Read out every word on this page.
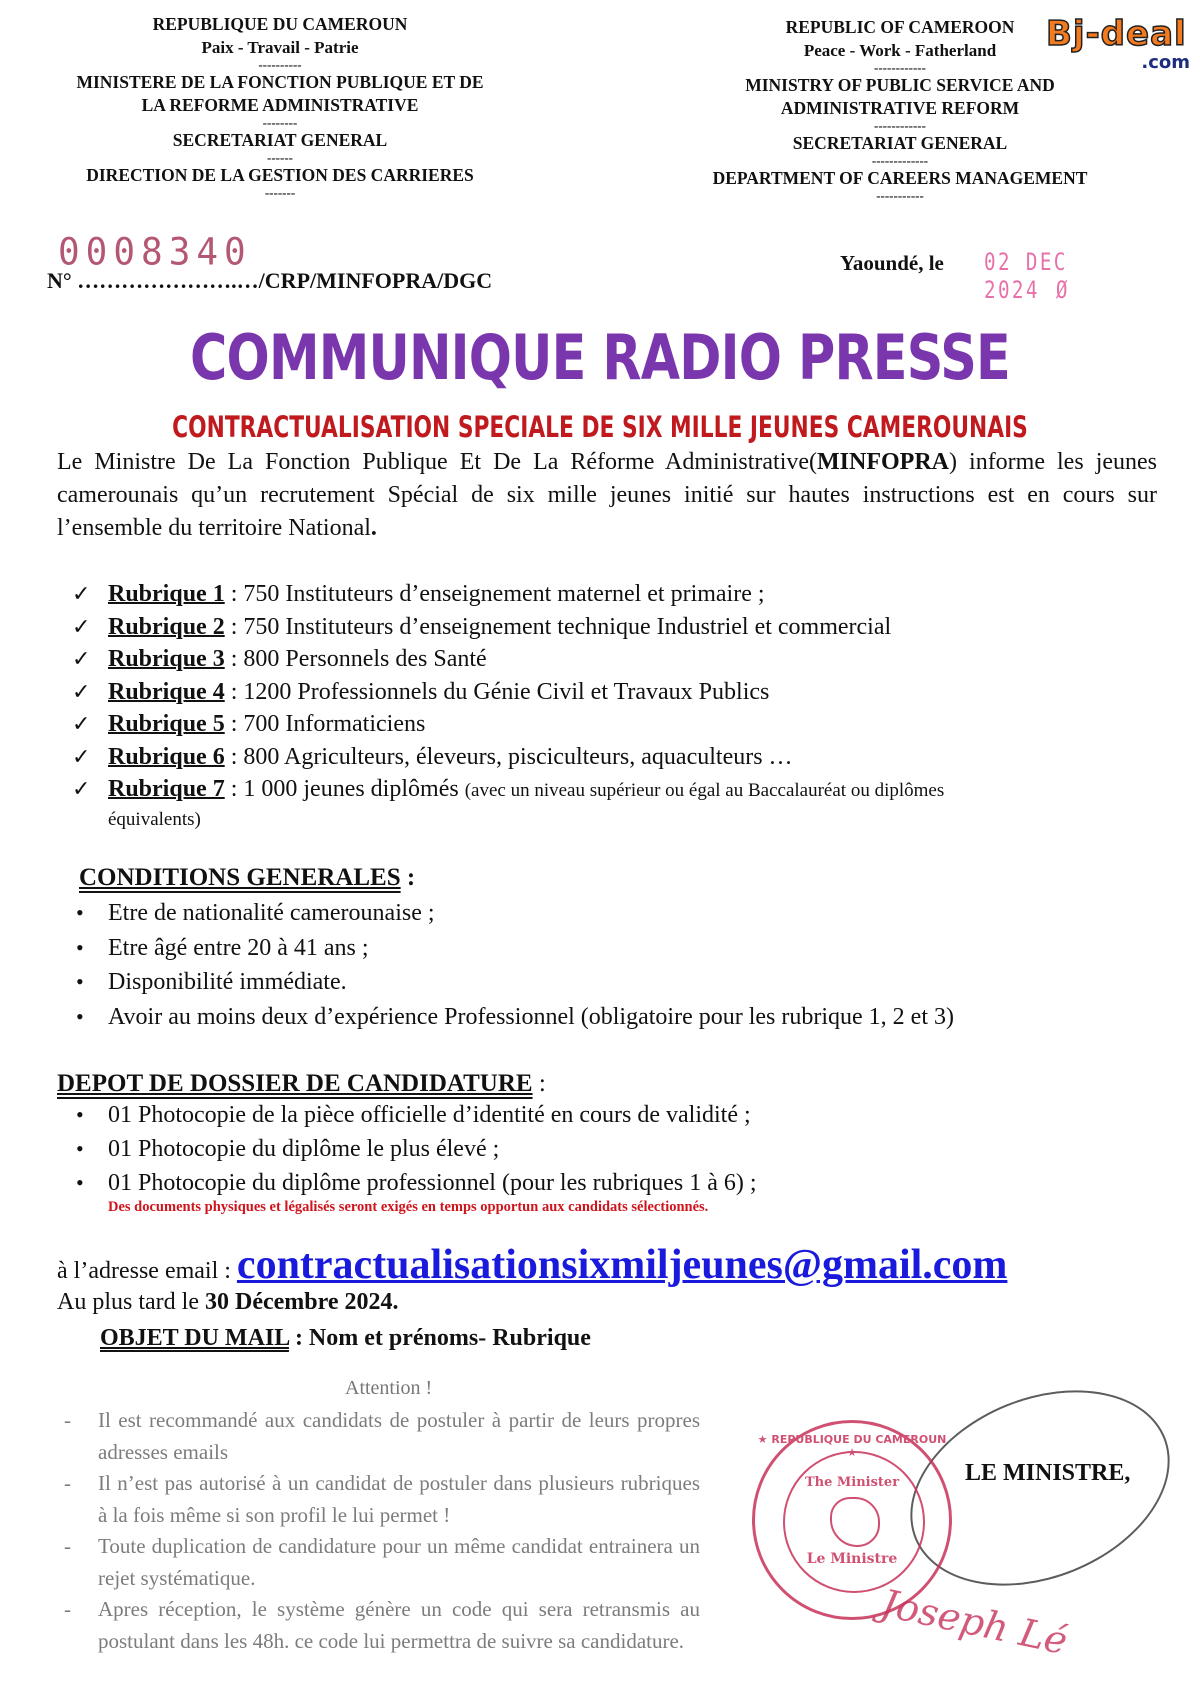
REPUBLIQUE DU CAMEROUN
Paix - Travail - Patrie
----------
MINISTERE DE LA FONCTION PUBLIQUE ET DE
LA REFORME ADMINISTRATIVE
--------
SECRETARIAT GENERAL
------
DIRECTION DE LA GESTION DES CARRIERES
-------
REPUBLIC OF CAMEROON
Peace - Work - Fatherland
------------
MINISTRY OF PUBLIC SERVICE AND
ADMINISTRATIVE REFORM
------------
SECRETARIAT GENERAL
-------------
DEPARTMENT OF CAREERS MANAGEMENT
-----------
Bj-deal
.com
0008340
N° ………………….…/CRP/MINFOPRA/DGC
Yaoundé, le 02 DEC 2024 Ø
COMMUNIQUE RADIO PRESSE
CONTRACTUALISATION SPECIALE DE SIX MILLE JEUNES CAMEROUNAIS

Le Ministre De La Fonction Publique Et De La Réforme Administrative(MINFOPRA) informe les jeunes camerounais qu’un recrutement Spécial de six mille jeunes initié sur hautes instructions est en cours sur l’ensemble du territoire National.

✓ Rubrique 1 : 750 Instituteurs d’enseignement maternel et primaire ;
✓ Rubrique 2 : 750 Instituteurs d’enseignement technique Industriel et commercial
✓ Rubrique 3 : 800 Personnels des Santé
✓ Rubrique 4 : 1200 Professionnels du Génie Civil et Travaux Publics
✓ Rubrique 5 : 700 Informaticiens
✓ Rubrique 6 : 800 Agriculteurs, éleveurs, pisciculteurs, aquaculteurs …
✓ Rubrique 7 : 1 000 jeunes diplômés (avec un niveau supérieur ou égal au Baccalauréat ou diplômes
équivalents)
CONDITIONS GENERALES :
• Etre de nationalité camerounaise ;
• Etre âgé entre 20 à 41 ans ;
• Disponibilité immédiate.
• Avoir au moins deux d’expérience Professionnel (obligatoire pour les rubrique 1, 2 et 3)
DEPOT DE DOSSIER DE CANDIDATURE :
• 01 Photocopie de la pièce officielle d’identité en cours de validité ;
• 01 Photocopie du diplôme le plus élevé ;
• 01 Photocopie du diplôme professionnel (pour les rubriques 1 à 6) ;
Des documents physiques et légalisés seront exigés en temps opportun aux candidats sélectionnés.
à l’adresse email : contractualisationsixmiljeunes@gmail.com
Au plus tard le 30 Décembre 2024.
OBJET DU MAIL : Nom et prénoms- Rubrique
Attention !
- Il est recommandé aux candidats de postuler à partir de leurs propres adresses emails
- Il n’est pas autorisé à un candidat de postuler dans plusieurs rubriques à la fois même si son profil le lui permet !
- Toute duplication de candidature pour un même candidat entrainera un rejet systématique.
- Apres réception, le système génère un code qui sera retransmis au postulant dans les 48h. ce code lui permettra de suivre sa candidature.
★ REPUBLIQUE DU CAMEROUN ★
The Minister
Le Ministre
LE MINISTRE,
Joseph Lé
